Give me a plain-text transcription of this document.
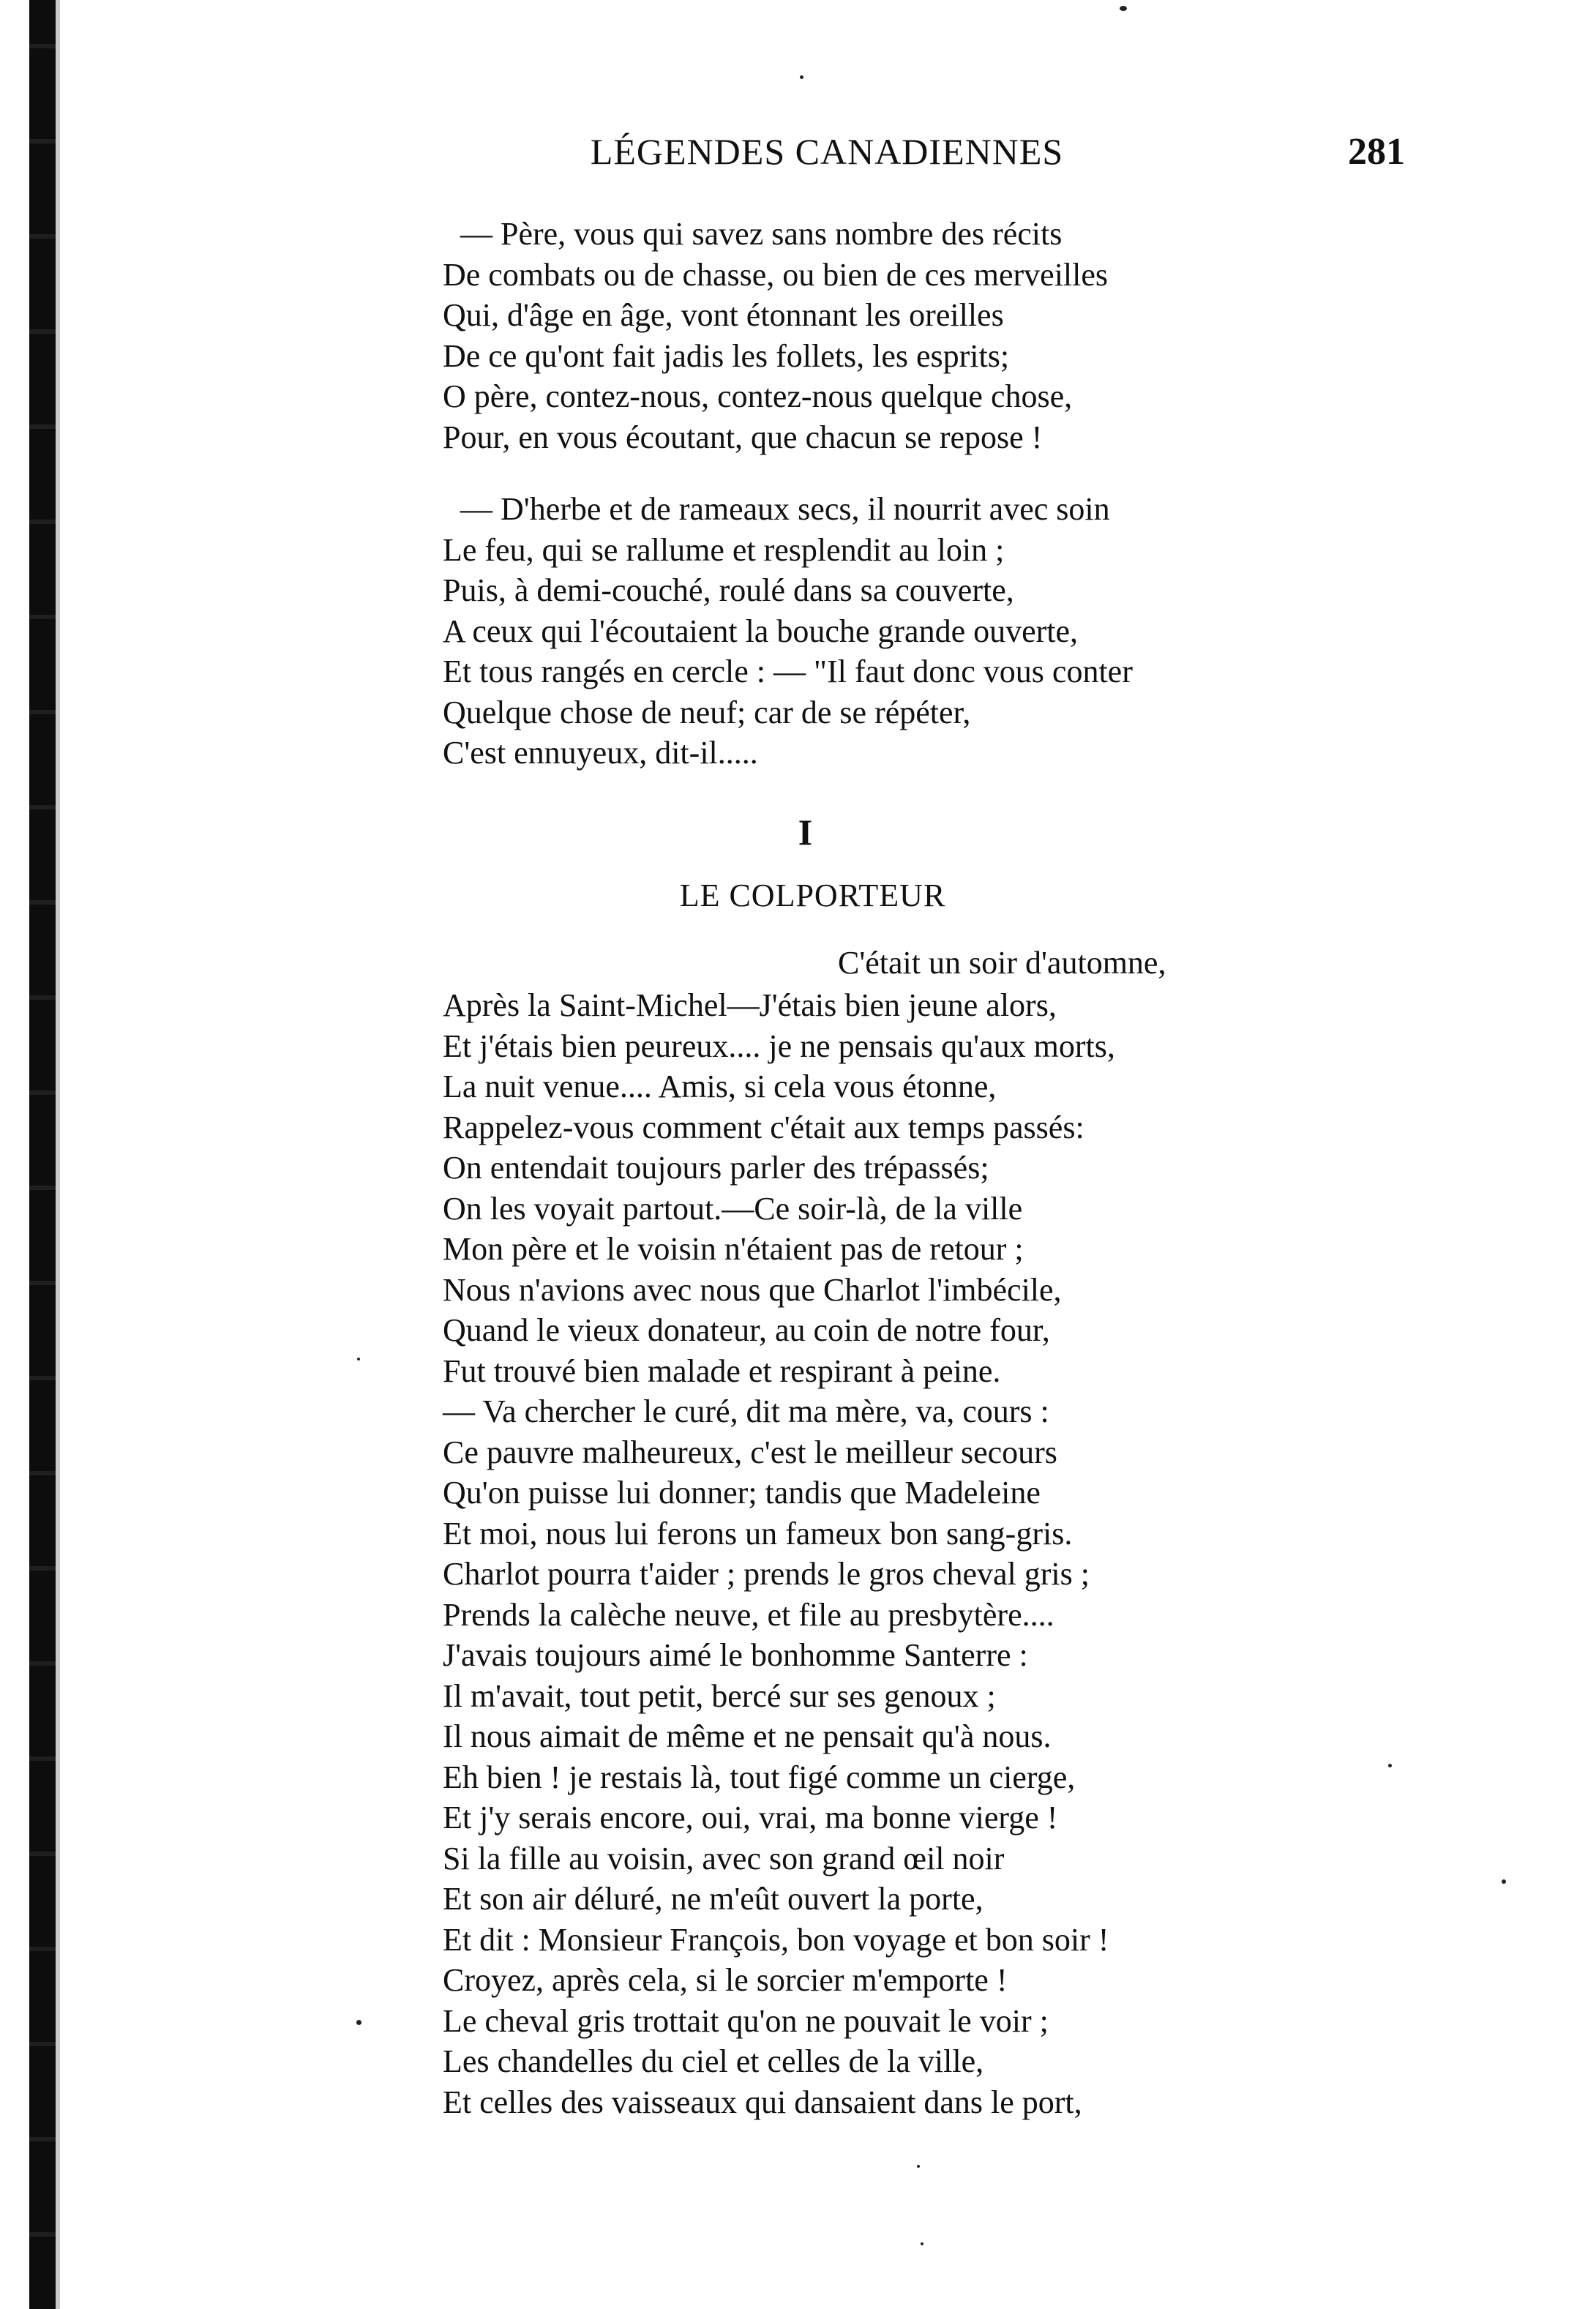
LÉGENDES CANADIENNES	281
— Père, vous qui savez sans nombre des récits
De combats ou de chasse, ou bien de ces merveilles
Qui, d'âge en âge, vont étonnant les oreilles
De ce qu'ont fait jadis les follets, les esprits;
O père, contez-nous, contez-nous quelque chose,
Pour, en vous écoutant, que chacun se repose !
— D'herbe et de rameaux secs, il nourrit avec soin
Le feu, qui se rallume et resplendit au loin ;
Puis, à demi-couché, roulé dans sa couverte,
A ceux qui l'écoutaient la bouche grande ouverte,
Et tous rangés en cercle : — "Il faut donc vous conter
Quelque chose de neuf; car de se répéter,
C'est ennuyeux, dit-il.....
I
LE COLPORTEUR
C'était un soir d'automne,
Après la Saint-Michel—J'étais bien jeune alors,
Et j'étais bien peureux.... je ne pensais qu'aux morts,
La nuit venue.... Amis, si cela vous étonne,
Rappelez-vous comment c'était aux temps passés:
On entendait toujours parler des trépassés;
On les voyait partout.—Ce soir-là, de la ville
Mon père et le voisin n'étaient pas de retour ;
Nous n'avions avec nous que Charlot l'imbécile,
Quand le vieux donateur, au coin de notre four,
Fut trouvé bien malade et respirant à peine.
— Va chercher le curé, dit ma mère, va, cours :
Ce pauvre malheureux, c'est le meilleur secours
Qu'on puisse lui donner; tandis que Madeleine
Et moi, nous lui ferons un fameux bon sang-gris.
Charlot pourra t'aider ; prends le gros cheval gris ;
Prends la calèche neuve, et file au presbytère....
J'avais toujours aimé le bonhomme Santerre :
Il m'avait, tout petit, bercé sur ses genoux ;
Il nous aimait de même et ne pensait qu'à nous.
Eh bien ! je restais là, tout figé comme un cierge,
Et j'y serais encore, oui, vrai, ma bonne vierge !
Si la fille au voisin, avec son grand œil noir
Et son air déluré, ne m'eût ouvert la porte,
Et dit : Monsieur François, bon voyage et bon soir !
Croyez, après cela, si le sorcier m'emporte !
Le cheval gris trottait qu'on ne pouvait le voir ;
Les chandelles du ciel et celles de la ville,
Et celles des vaisseaux qui dansaient dans le port,
